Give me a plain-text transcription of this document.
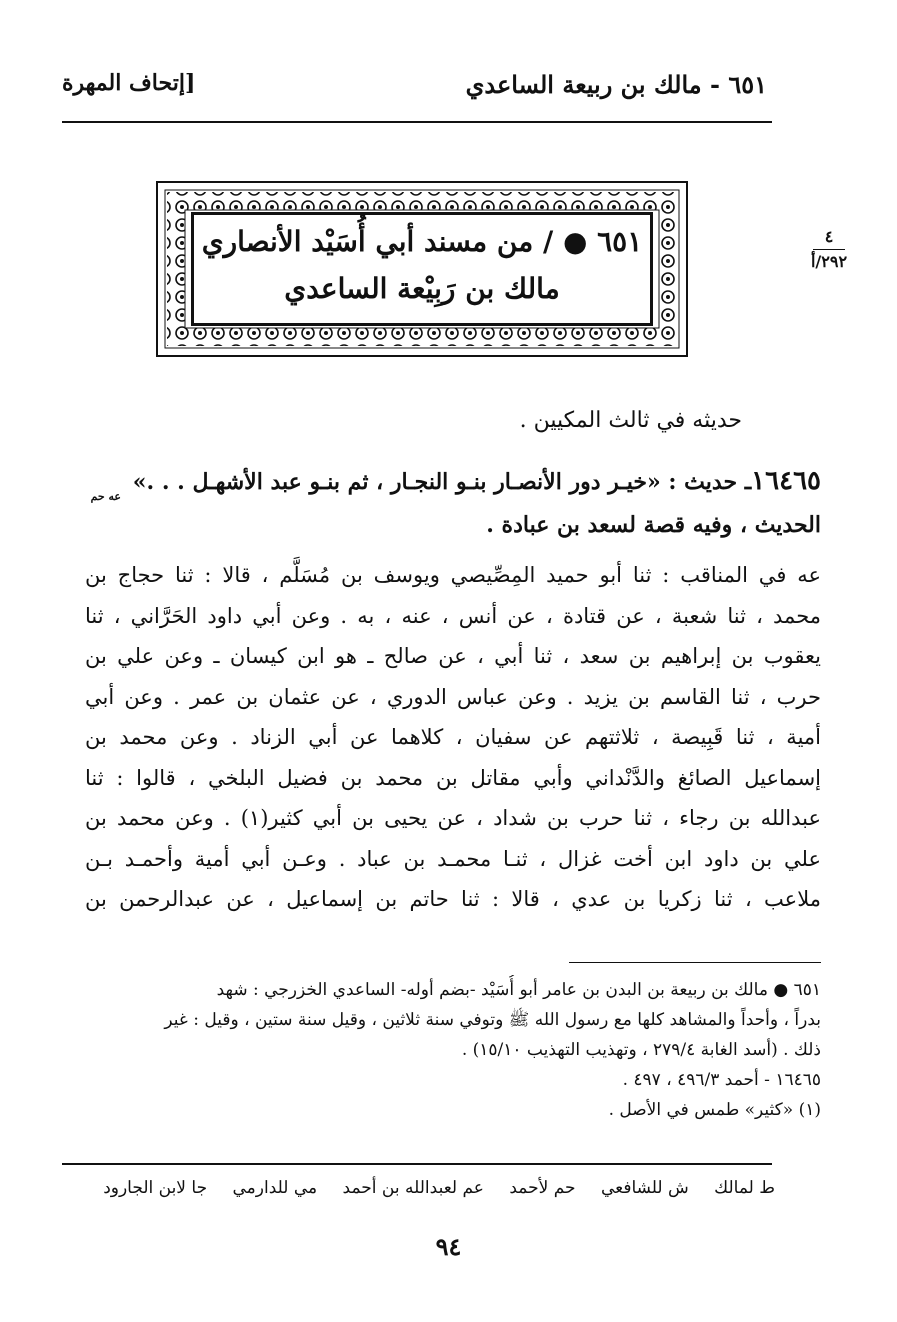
٦٥١ - مالك بن ربيعة الساعدي
[إتحاف المهرة
٤
٢٩٢/أ
٦٥١ ● / من مسند أبي أُسَيْد الأنصاري
مالك بن رَبِيْعة الساعدي
حديثه في ثالث المكيين .
١٦٤٦٥ـ حديث : «خيـر دور الأنصـار بنـو النجـار ، ثم بنـو عبد الأشهـل . . .»
عه حم
الحديث ، وفيه قصة لسعد بن عبادة .
عه في المناقب : ثنا أبو حميد المِصِّيصي ويوسف بن مُسَلَّم ، قالا : ثنا حجاج بن
محمد ، ثنا شعبة ، عن قتادة ، عن أنس ، عنه ، به . وعن أبي داود الحَرَّاني ، ثنا
يعقوب بن إبراهيم بن سعد ، ثنا أبي ، عن صالح ـ هو ابن كيسان ـ وعن علي بن
حرب ، ثنا القاسم بن يزيد . وعن عباس الدوري ، عن عثمان بن عمر . وعن أبي
أمية ، ثنا قَبِيصة ، ثلاثتهم عن سفيان ، كلاهما عن أبي الزناد . وعن محمد بن
إسماعيل الصائغ والدَّنْداني وأبي مقاتل بن محمد بن فضيل البلخي ، قالوا : ثنا
عبدالله بن رجاء ، ثنا حرب بن شداد ، عن يحيى بن أبي كثير(١) . وعن محمد بن
علي بن داود ابن أخت غزال ، ثنـا محمـد بن عباد . وعـن أبي أمية وأحمـد بـن
ملاعب ، ثنا زكريا بن عدي ، قالا : ثنا حاتم بن إسماعيل ، عن عبدالرحمن بن
٦٥١ ● مالك بن ربيعة بن البدن بن عامر أبو أُسَيْد -بضم أوله- الساعدي الخزرجي : شهد
بدراً ، وأحداً والمشاهد كلها مع رسول الله ﷺ وتوفي سنة ثلاثين ، وقيل سنة ستين ، وقيل : غير
ذلك . (أسد الغابة ٢٧٩/٤ ، وتهذيب التهذيب ١٥/١٠) .
١٦٤٦٥ - أحمد ٤٩٦/٣ ، ٤٩٧ .
(١) «كثير» طمس في الأصل .
ط لمالك ش للشافعي حم لأحمد عم لعبدالله بن أحمد مي للدارمي جا لابن الجارود
٩٤
